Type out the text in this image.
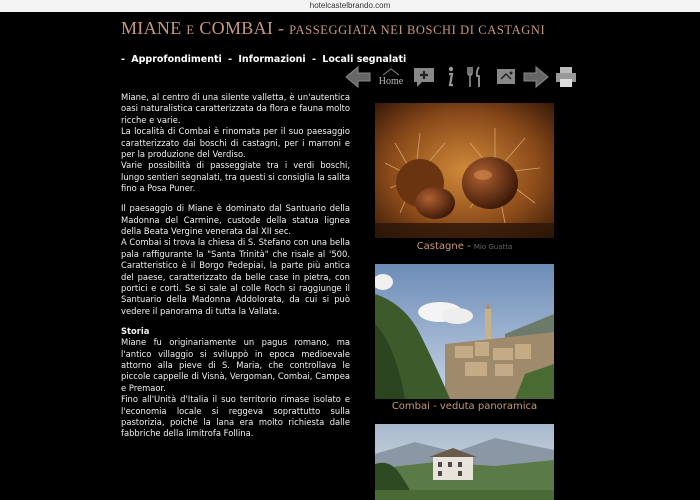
hotelcastelbrando.com
MIANE E COMBAI - PASSEGGIATA NEI BOSCHI DI CASTAGNI
- Approfondimenti - Informazioni - Locali segnalati
Home
Miane, al centro di una silente valletta, è un'autentica oasi naturalistica caratterizzata da flora e fauna molto ricche e varie.
La località di Combai è rinomata per il suo paesaggio caratterizzato dai boschi di castagni, per i marroni e per la produzione del Verdiso.
Varie possibilità di passeggiate tra i verdi boschi, lungo sentieri segnalati, tra questi si consiglia la salita fino a Posa Puner.
Il paesaggio di Miane è dominato dal Santuario della Madonna del Carmine, custode della statua lignea della Beata Vergine venerata dal XII sec.
A Combai si trova la chiesa di S. Stefano con una bella pala raffigurante la "Santa Trinità" che risale al '500. Caratteristico è il Borgo Pedepiai, la parte più antica del paese, caratterizzato da belle case in pietra, con portici e corti. Se si sale al colle Roch si raggiunge il Santuario della Madonna Addolorata, da cui si può vedere il panorama di tutta la Vallata.
Storia
Miane fu originariamente un pagus romano, ma l'antico villaggio si sviluppò in epoca medioevale attorno alla pieve di S. Maria, che controllava le piccole cappelle di Visnà, Vergoman, Combai, Campea e Premaor.
Fino all'Unità d'Italia il suo territorio rimase isolato e l'economia locale si reggeva soprattutto sulla pastorizia, poiché la lana era molto richiesta dalle fabbriche della limitrofa Follina.
Castagne - Mio Guatta
Combai - veduta panoramica
